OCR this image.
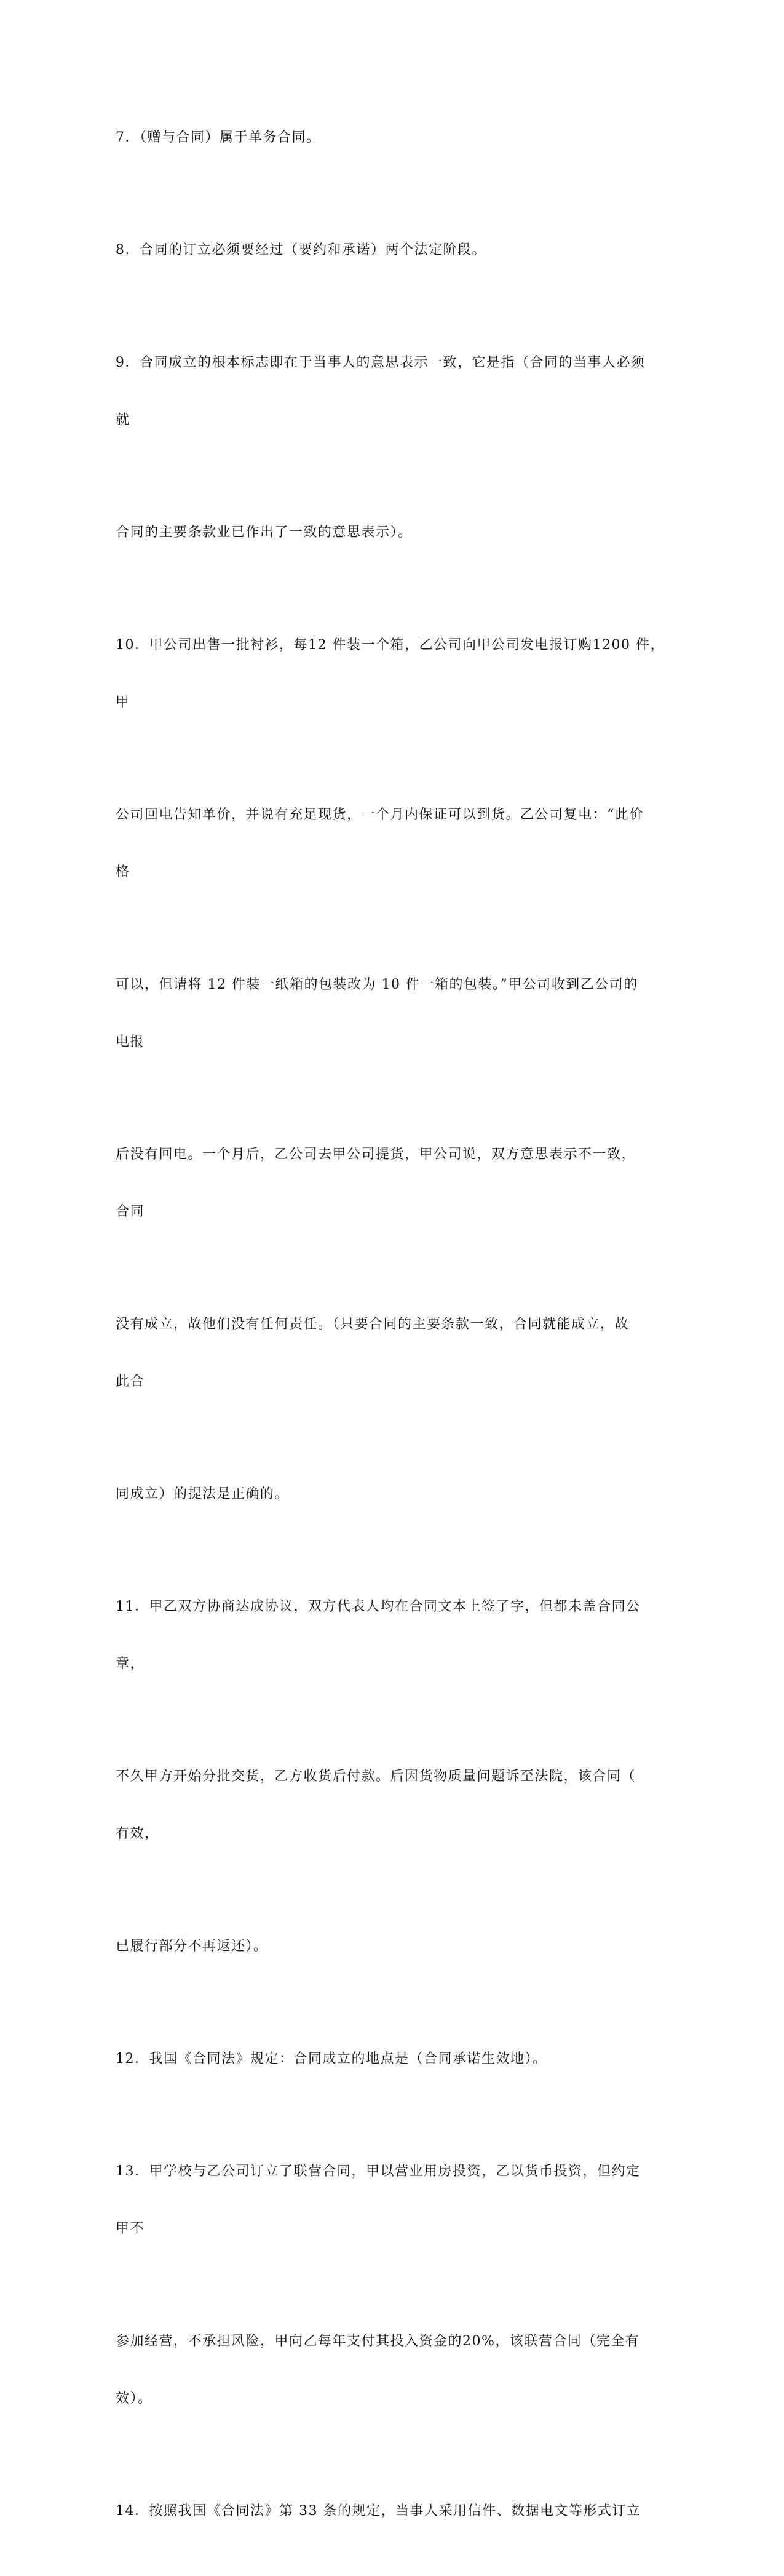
7．（赠与合同）属于单务合同。

8．合同的订立必须要经过（要约和承诺）两个法定阶段。

9．合同成立的根本标志即在于当事人的意思表示一致，它是指（合同的当事人必须

就

合同的主要条款业已作出了一致的意思表示）。

10．甲公司出售一批衬衫，每12 件装一个箱，乙公司向甲公司发电报订购1200 件，

甲

公司回电告知单价，并说有充足现货，一个月内保证可以到货。乙公司复电：“此价

格

可以，但请将 12 件装一纸箱的包装改为 10 件一箱的包装。”甲公司收到乙公司的

电报

后没有回电。一个月后，乙公司去甲公司提货，甲公司说，双方意思表示不一致，

合同

没有成立，故他们没有任何责任。（只要合同的主要条款一致，合同就能成立，故

此合

同成立）的提法是正确的。

11．甲乙双方协商达成协议，双方代表人均在合同文本上签了字，但都未盖合同公

章，

不久甲方开始分批交货，乙方收货后付款。后因货物质量问题诉至法院，该合同（

有效，

已履行部分不再返还）。

12．我国《合同法》规定：合同成立的地点是（合同承诺生效地）。

13．甲学校与乙公司订立了联营合同，甲以营业用房投资，乙以货币投资，但约定

甲不

参加经营，不承担风险，甲向乙每年支付其投入资金的20%，该联营合同（完全有

效）。

14．按照我国《合同法》第 33 条的规定，当事人采用信件、数据电文等形式订立
